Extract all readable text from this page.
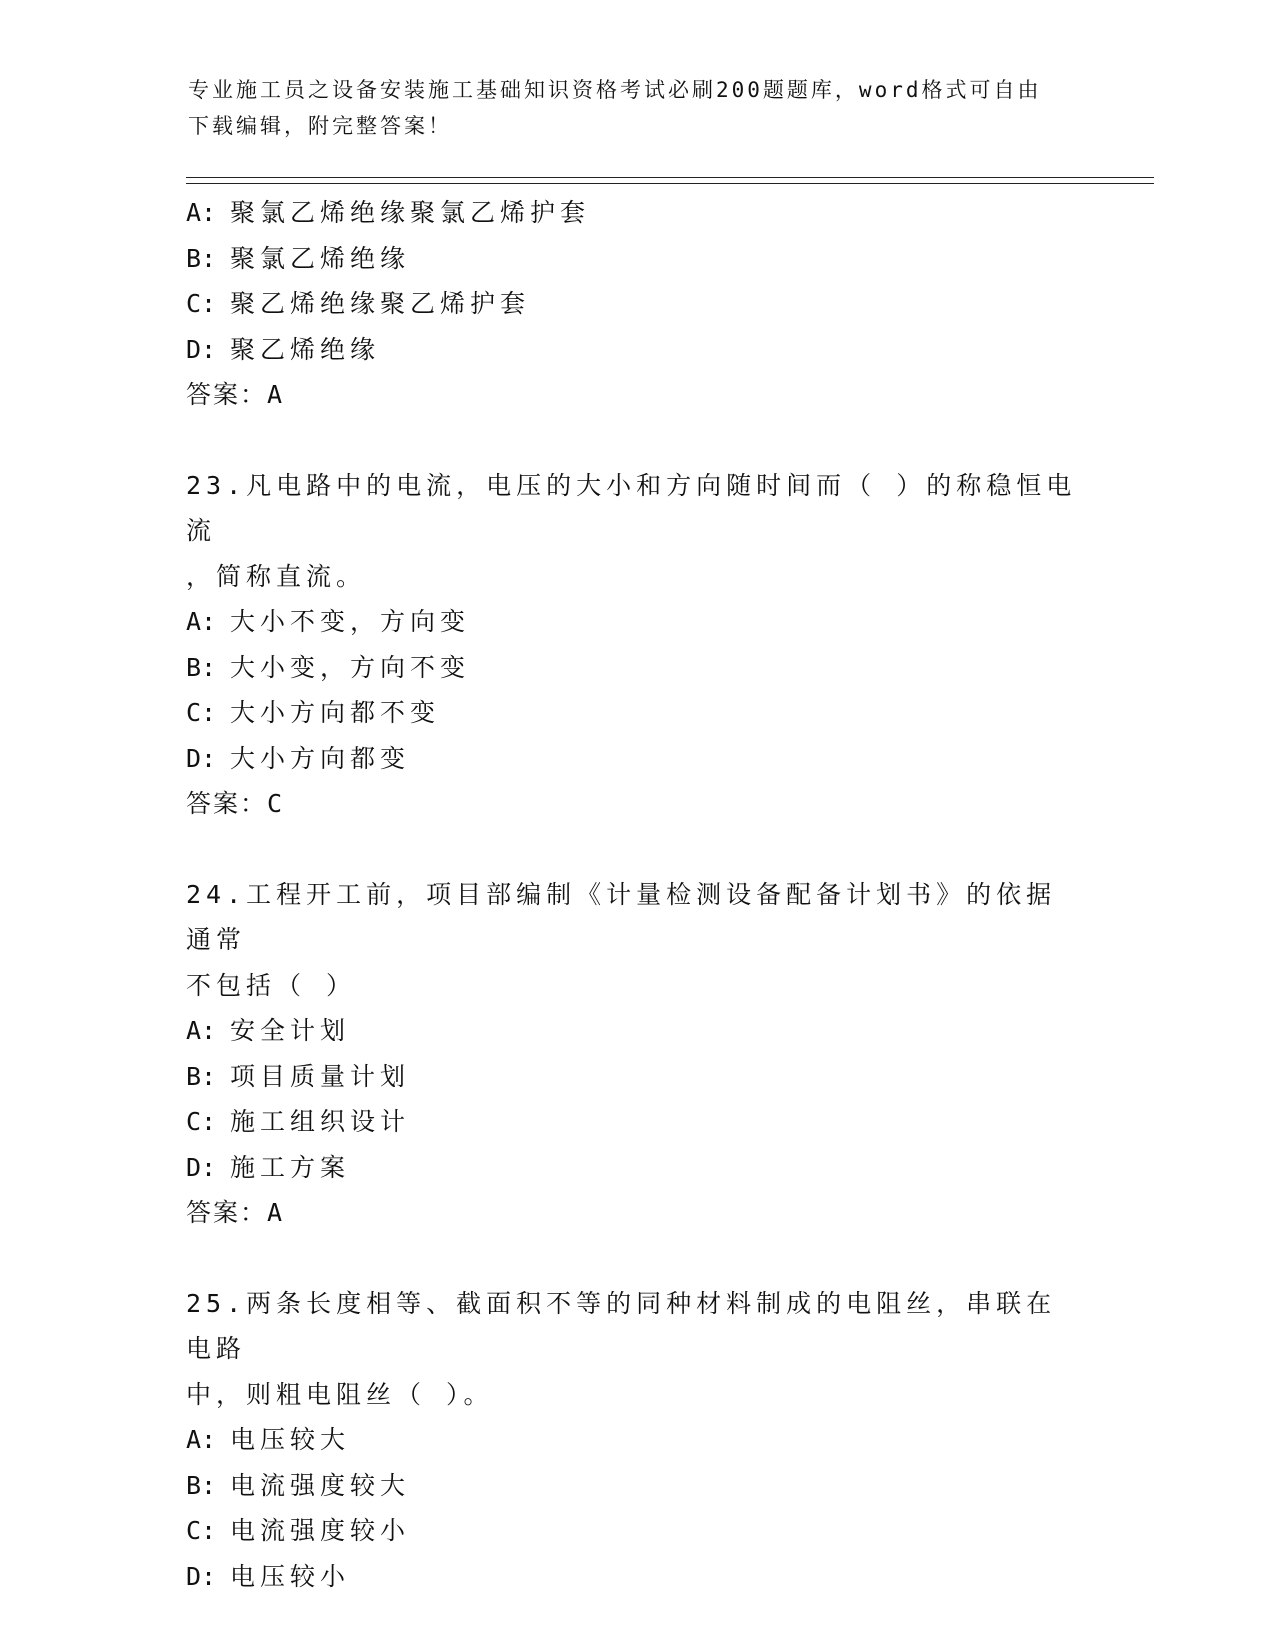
专业施工员之设备安装施工基础知识资格考试必刷200题题库，word格式可自由
下载编辑，附完整答案！
A: 聚氯乙烯绝缘聚氯乙烯护套
B: 聚氯乙烯绝缘
C: 聚乙烯绝缘聚乙烯护套
D: 聚乙烯绝缘
答案：A
23.凡电路中的电流，电压的大小和方向随时间而（ ）的称稳恒电流
，简称直流。
A: 大小不变，方向变
B: 大小变，方向不变
C: 大小方向都不变
D: 大小方向都变
答案：C
24.工程开工前，项目部编制《计量检测设备配备计划书》的依据通常
不包括（ ）
A: 安全计划
B: 项目质量计划
C: 施工组织设计
D: 施工方案
答案：A
25.两条长度相等、截面积不等的同种材料制成的电阻丝，串联在电路
中，则粗电阻丝（ ）。
A: 电压较大
B: 电流强度较大
C: 电流强度较小
D: 电压较小
